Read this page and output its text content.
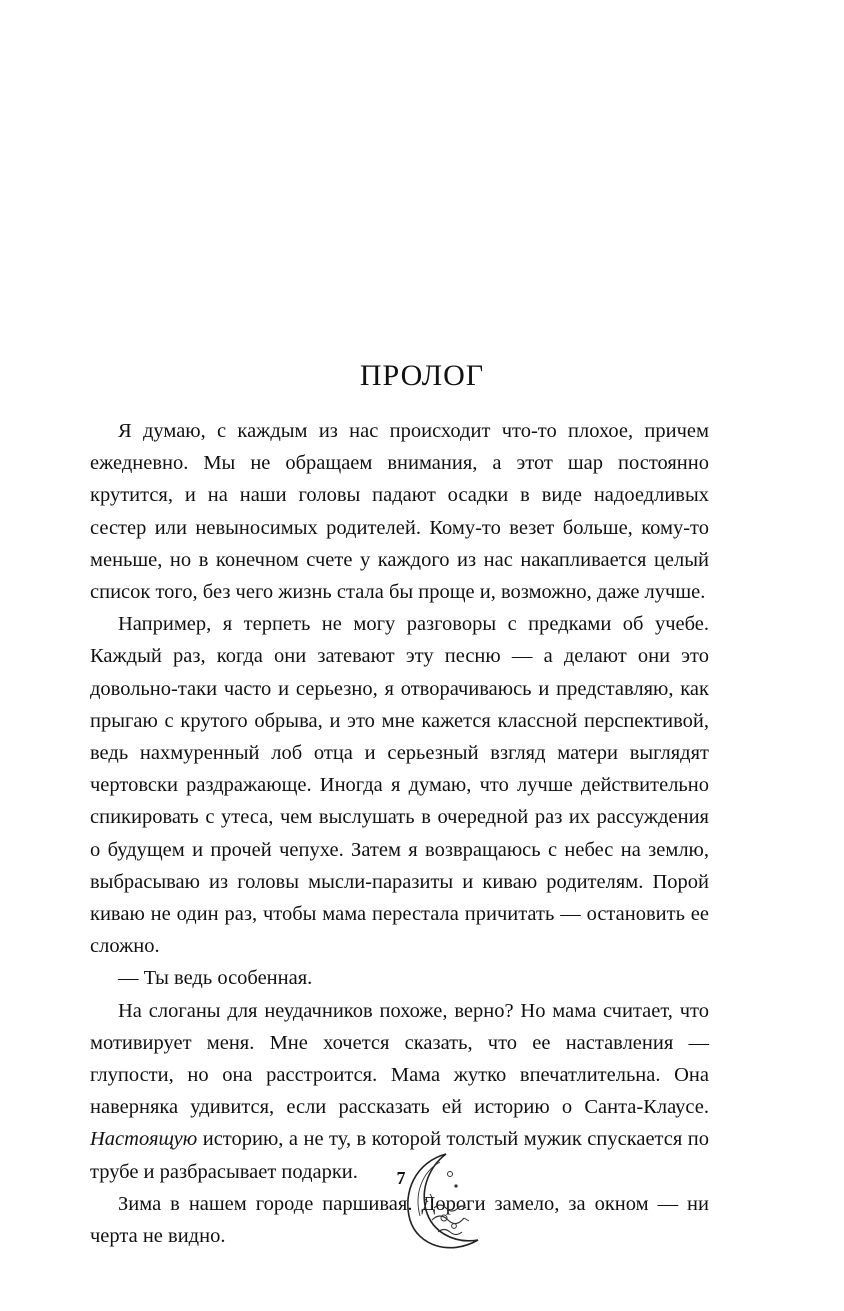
ПРОЛОГ

Я думаю, с каждым из нас происходит что-то плохое, причем ежедневно. Мы не обращаем внимания, а этот шар постоянно крутится, и на наши головы падают осадки в виде надоедливых сестер или невыносимых родителей. Кому-то везет больше, кому-то меньше, но в конечном счете у каждого из нас накапливается целый список того, без чего жизнь стала бы проще и, возможно, даже лучше.

Например, я терпеть не могу разговоры с предками об учебе. Каждый раз, когда они затевают эту песню — а делают они это довольно-таки часто и серьезно, я отворачиваюсь и представляю, как прыгаю с крутого обрыва, и это мне кажется классной перспективой, ведь нахмуренный лоб отца и серьезный взгляд матери выглядят чертовски раздражающе. Иногда я думаю, что лучше действительно спикировать с утеса, чем выслушать в очередной раз их рассуждения о будущем и прочей чепухе. Затем я возвращаюсь с небес на землю, выбрасываю из головы мысли-паразиты и киваю родителям. Порой киваю не один раз, чтобы мама перестала причитать — остановить ее сложно.

— Ты ведь особенная.

На слоганы для неудачников похоже, верно? Но мама считает, что мотивирует меня. Мне хочется сказать, что ее наставления — глупости, но она расстроится. Мама жутко впечатлительна. Она наверняка удивится, если рассказать ей историю о Санта-Клаусе.

Настоящую историю, а не ту, в которой толстый мужик спускается по трубе и разбрасывает подарки.

Зима в нашем городе паршивая. Дороги замело, за окном — ни черта не видно.

7
